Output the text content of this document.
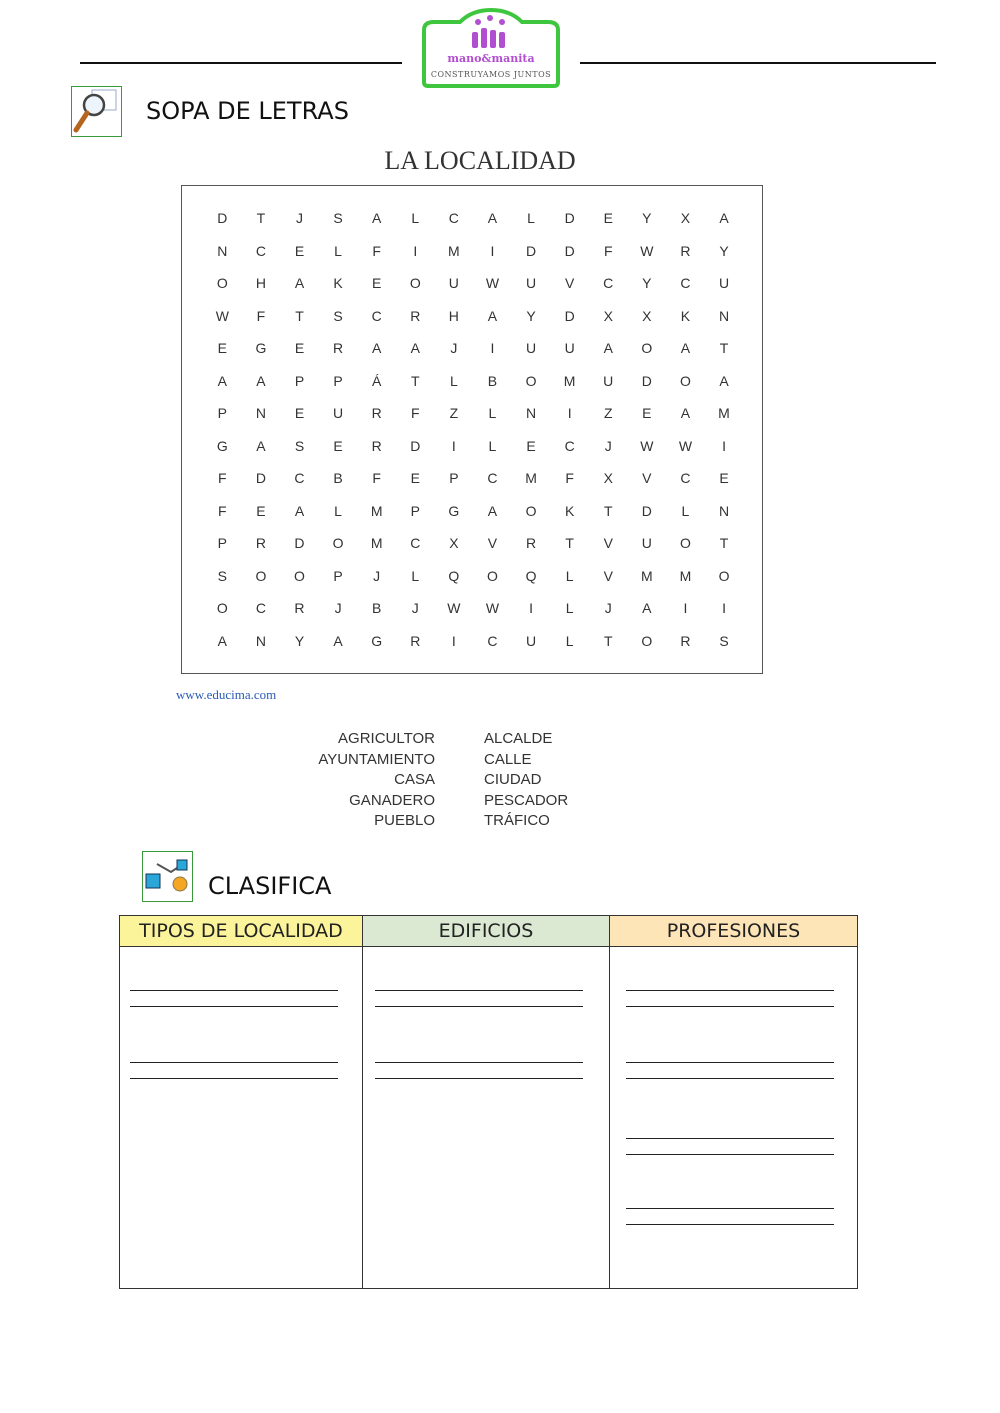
mano&manita
CONSTRUYAMOS JUNTOS
SOPA DE LETRAS
LA LOCALIDAD
D	T	J	S	A	L	C	A	L	D	E	Y	X	A
N	C	E	L	F	I	M	I	D	D	F	W	R	Y
O	H	A	K	E	O	U	W	U	V	C	Y	C	U
W	F	T	S	C	R	H	A	Y	D	X	X	K	N
E	G	E	R	A	A	J	I	U	U	A	O	A	T
A	A	P	P	Á	T	L	B	O	M	U	D	O	A
P	N	E	U	R	F	Z	L	N	I	Z	E	A	M
G	A	S	E	R	D	I	L	E	C	J	W	W	I
F	D	C	B	F	E	P	C	M	F	X	V	C	E
F	E	A	L	M	P	G	A	O	K	T	D	L	N
P	R	D	O	M	C	X	V	R	T	V	U	O	T
S	O	O	P	J	L	Q	O	Q	L	V	M	M	O
O	C	R	J	B	J	W	W	I	L	J	A	I	I
A	N	Y	A	G	R	I	C	U	L	T	O	R	S
www.educima.com
AGRICULTOR
AYUNTAMIENTO
CASA
GANADERO
PUEBLO
ALCALDE
CALLE
CIUDAD
PESCADOR
TRÁFICO
CLASIFICA
TIPOS DE LOCALIDAD	EDIFICIOS	PROFESIONES
